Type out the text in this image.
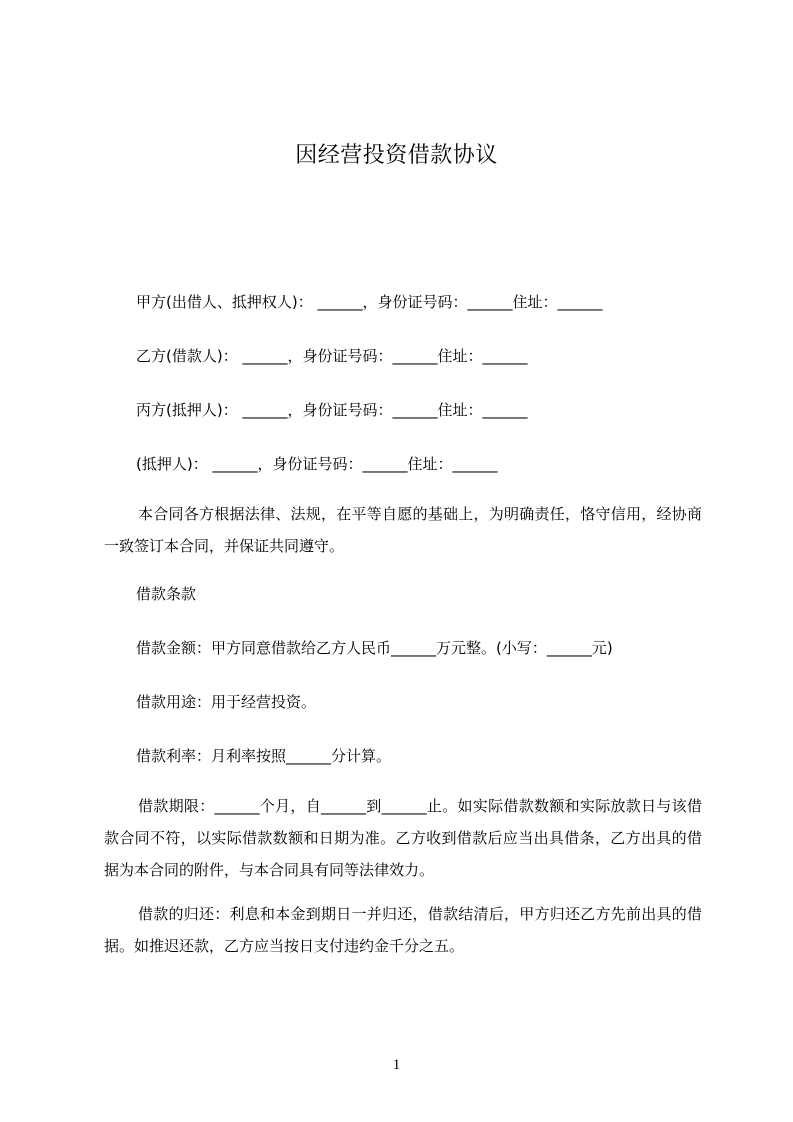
因经营投资借款协议
甲方(出借人、抵押权人)： ______，身份证号码：______住址：______
乙方(借款人)： ______，身份证号码：______住址：______
丙方(抵押人)： ______，身份证号码：______住址：______
(抵押人)： ______，身份证号码：______住址：______
本合同各方根据法律、法规，在平等自愿的基础上，为明确责任，恪守信用，经协商一致签订本合同，并保证共同遵守。
借款条款
借款金额：甲方同意借款给乙方人民币______万元整。(小写：______元)
借款用途：用于经营投资。
借款利率：月利率按照______分计算。
借款期限：______个月，自______到______止。如实际借款数额和实际放款日与该借款合同不符，以实际借款数额和日期为准。乙方收到借款后应当出具借条，乙方出具的借据为本合同的附件，与本合同具有同等法律效力。
借款的归还：利息和本金到期日一并归还，借款结清后，甲方归还乙方先前出具的借据。如推迟还款，乙方应当按日支付违约金千分之五。
1
